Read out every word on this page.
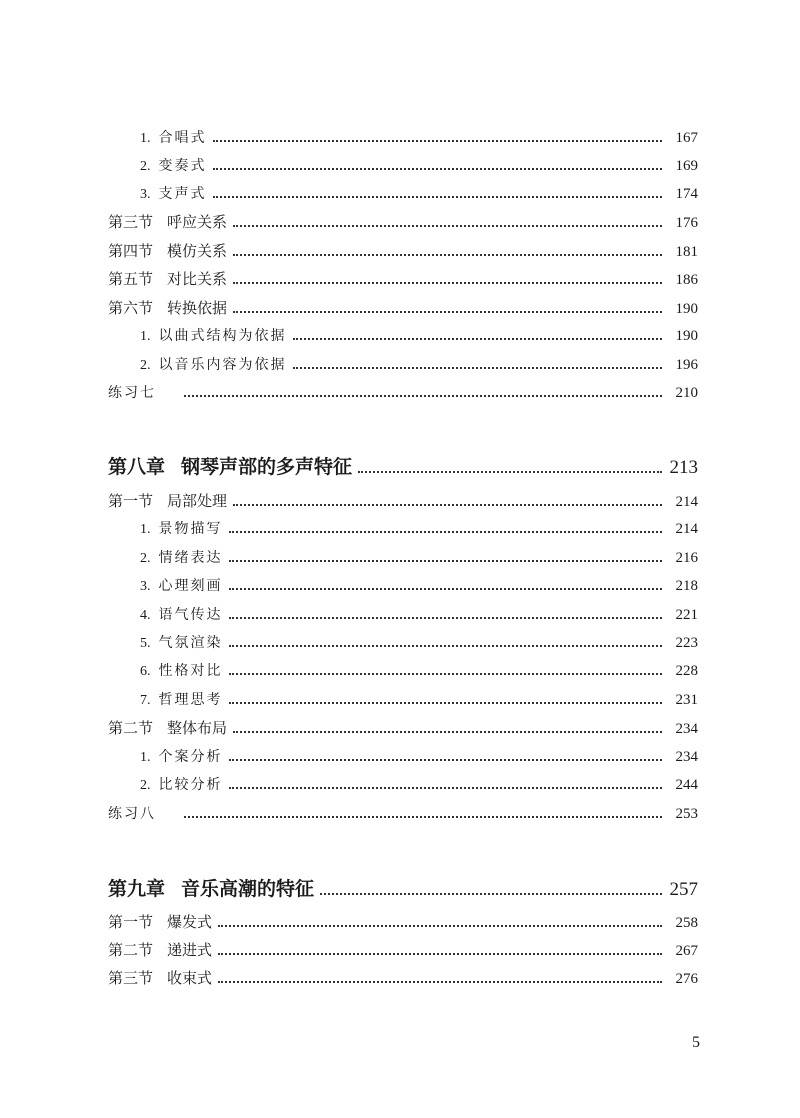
1. 合唱式	167
2. 变奏式	169
3. 支声式	174
第三节 呼应关系	176
第四节 模仿关系	181
第五节 对比关系	186
第六节 转换依据	190
1. 以曲式结构为依据	190
2. 以音乐内容为依据	196
练习七	210
第八章 钢琴声部的多声特征	213
第一节 局部处理	214
1. 景物描写	214
2. 情绪表达	216
3. 心理刻画	218
4. 语气传达	221
5. 气氛渲染	223
6. 性格对比	228
7. 哲理思考	231
第二节 整体布局	234
1. 个案分析	234
2. 比较分析	244
练习八	253
第九章 音乐高潮的特征	257
第一节 爆发式	258
第二节 递进式	267
第三节 收束式	276
5
